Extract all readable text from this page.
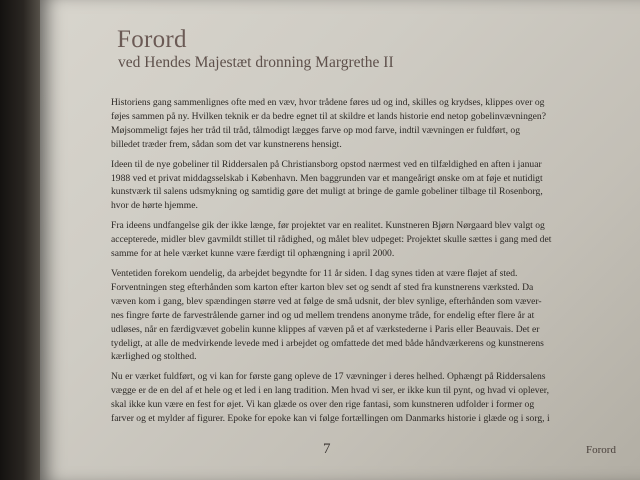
Forord
ved Hendes Majestæt dronning Margrethe II

Historiens gang sammenlignes ofte med en væv, hvor trådene føres ud og ind, skilles og krydses, klippes over og
føjes sammen på ny. Hvilken teknik er da bedre egnet til at skildre et lands historie end netop gobelinvævningen?
Møjsommeligt føjes her tråd til tråd, tålmodigt lægges farve op mod farve, indtil vævningen er fuldført, og
billedet træder frem, sådan som det var kunstnerens hensigt.

Ideen til de nye gobeliner til Riddersalen på Christiansborg opstod nærmest ved en tilfældighed en aften i januar
1988 ved et privat middagsselskab i København. Men baggrunden var et mangeårigt ønske om at føje et nutidigt
kunstværk til salens udsmykning og samtidig gøre det muligt at bringe de gamle gobeliner tilbage til Rosenborg,
hvor de hørte hjemme.

Fra ideens undfangelse gik der ikke længe, før projektet var en realitet. Kunstneren Bjørn Nørgaard blev valgt og
accepterede, midler blev gavmildt stillet til rådighed, og målet blev udpeget: Projektet skulle sættes i gang med det
samme for at hele værket kunne være færdigt til ophængning i april 2000.

Ventetiden forekom uendelig, da arbejdet begyndte for 11 år siden. I dag synes tiden at være fløjet af sted.
Forventningen steg efterhånden som karton efter karton blev set og sendt af sted fra kunstnerens værksted. Da
væven kom i gang, blev spændingen større ved at følge de små udsnit, der blev synlige, efterhånden som væver-
nes fingre førte de farvestrålende garner ind og ud mellem trendens anonyme tråde, for endelig efter flere år at
udløses, når en færdigvævet gobelin kunne klippes af væven på et af værkstederne i Paris eller Beauvais. Det er
tydeligt, at alle de medvirkende levede med i arbejdet og omfattede det med både håndværkerens og kunstnerens
kærlighed og stolthed.

Nu er værket fuldført, og vi kan for første gang opleve de 17 vævninger i deres helhed. Ophængt på Riddersalens
vægge er de en del af et hele og et led i en lang tradition. Men hvad vi ser, er ikke kun til pynt, og hvad vi oplever,
skal ikke kun være en fest for øjet. Vi kan glæde os over den rige fantasi, som kunstneren udfolder i former og
farver og et mylder af figurer. Epoke for epoke kan vi følge fortællingen om Danmarks historie i glæde og i sorg, i

7	Forord
